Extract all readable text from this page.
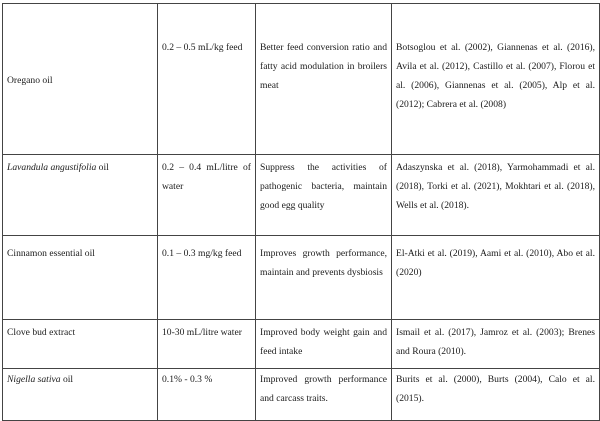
Oregano oil	0.2 – 0.5 mL/kg feed	Better feed conversion ratio and fatty acid modulation in broilers meat	Botsoglou et al. (2002), Giannenas et al. (2016), Avila et al. (2012), Castillo et al. (2007), Florou et al. (2006), Giannenas et al. (2005), Alp et al. (2012); Cabrera et al. (2008)

Lavandula angustifolia oil	0.2 – 0.4 mL/litre of water	Suppress the activities of pathogenic bacteria, maintain good egg quality	Adaszynska et al. (2018), Yarmohammadi et al. (2018), Torki et al. (2021), Mokhtari et al. (2018), Wells et al. (2018).

Cinnamon essential oil	0.1 – 0.3 mg/kg feed	Improves growth performance, maintain and prevents dysbiosis	El-Atki et al. (2019), Aami et al. (2010), Abo et al. (2020)

Clove bud extract	10-30 mL/litre water	Improved body weight gain and feed intake	Ismail et al. (2017), Jamroz et al. (2003); Brenes and Roura (2010).

Nigella sativa oil	0.1% - 0.3 %	Improved growth performance and carcass traits.	Burits et al. (2000), Burts (2004), Calo et al. (2015).
